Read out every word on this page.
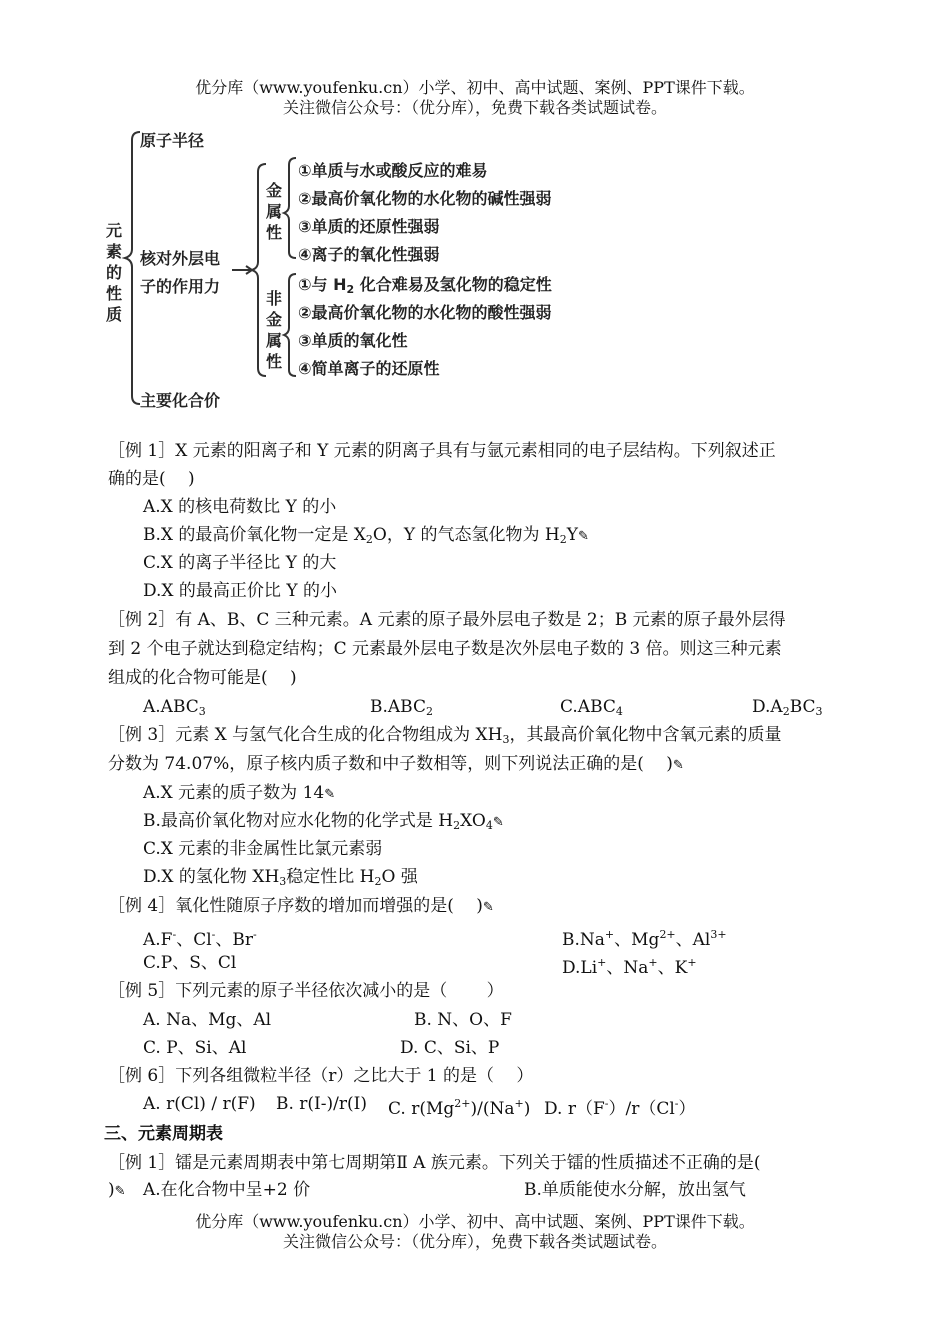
优分库（www.youfenku.cn）小学、初中、高中试题、案例、PPT课件下载。
关注微信公众号：（优分库），免费下载各类试题试卷。
元
素
的
性
质
原子半径
核对外层电
子的作用力
主要化合价
金
属
性
非
金
属
性
①单质与水或酸反应的难易
②最高价氧化物的水化物的碱性强弱
③单质的还原性强弱
④离子的氧化性强弱
①与 $H_2$ 化合难易及氢化物的稳定性
②最高价氧化物的水化物的酸性强弱
③单质的氧化性
④简单离子的还原性
［例 1］X 元素的阳离子和 Y 元素的阴离子具有与氩元素相同的电子层结构。下列叙述正
确的是(　 )
A.X 的核电荷数比 Y 的小
B.X 的最高价氧化物一定是 $X_2O$，Y 的气态氢化物为 $H_2Y✎$
C.X 的离子半径比 Y 的大
D.X 的最高正价比 Y 的小
［例 2］有 A、B、C 三种元素。A 元素的原子最外层电子数是 2；B 元素的原子最外层得
到 2 个电子就达到稳定结构；C 元素最外层电子数是次外层电子数的 3 倍。则这三种元素
组成的化合物可能是(　 )
$A.ABC_3$	$B.ABC_2$	$C.ABC_4$	$D.A_2BC_3$
［例 3］元素 X 与氢气化合生成的化合物组成为 $XH_3$，其最高价氧化物中含氧元素的质量
分数为 74.07%，原子核内质子数和中子数相等，则下列说法正确的是(　 )✎
A.X 元素的质子数为 14✎
B.最高价氧化物对应水化物的化学式是 $H_2XO_4✎$
C.X 元素的非金属性比氯元素弱
D.X 的氢化物 $XH_3$稳定性比 $H_2O$ 强
［例 4］氧化性随原子序数的增加而增强的是(　 )✎
A.F-、Cl-、Br-	B.Na+、$Mg^{2+}$、$Al^{3+}$
C.P、S、Cl	D.Li+、Na+、K+
［例 5］下列元素的原子半径依次减小的是（　　 ）
A. Na、Mg、Al	B. N、O、F
C. P、Si、Al	D. C、Si、P
［例 6］下列各组微粒半径（r）之比大于 1 的是（　 ）
A. r(Cl) / r(F) B. r(I-)/r(I) C. $r(Mg^{2+})/(Na^+)$ D. r（F-）/r（Cl-）
三、元素周期表
［例 1］镭是元素周期表中第七周期第Ⅱ A 族元素。下列关于镭的性质描述不正确的是(
)✎ A.在化合物中呈+2 价	B.单质能使水分解，放出氢气
优分库（www.youfenku.cn）小学、初中、高中试题、案例、PPT课件下载。
关注微信公众号：（优分库），免费下载各类试题试卷。
